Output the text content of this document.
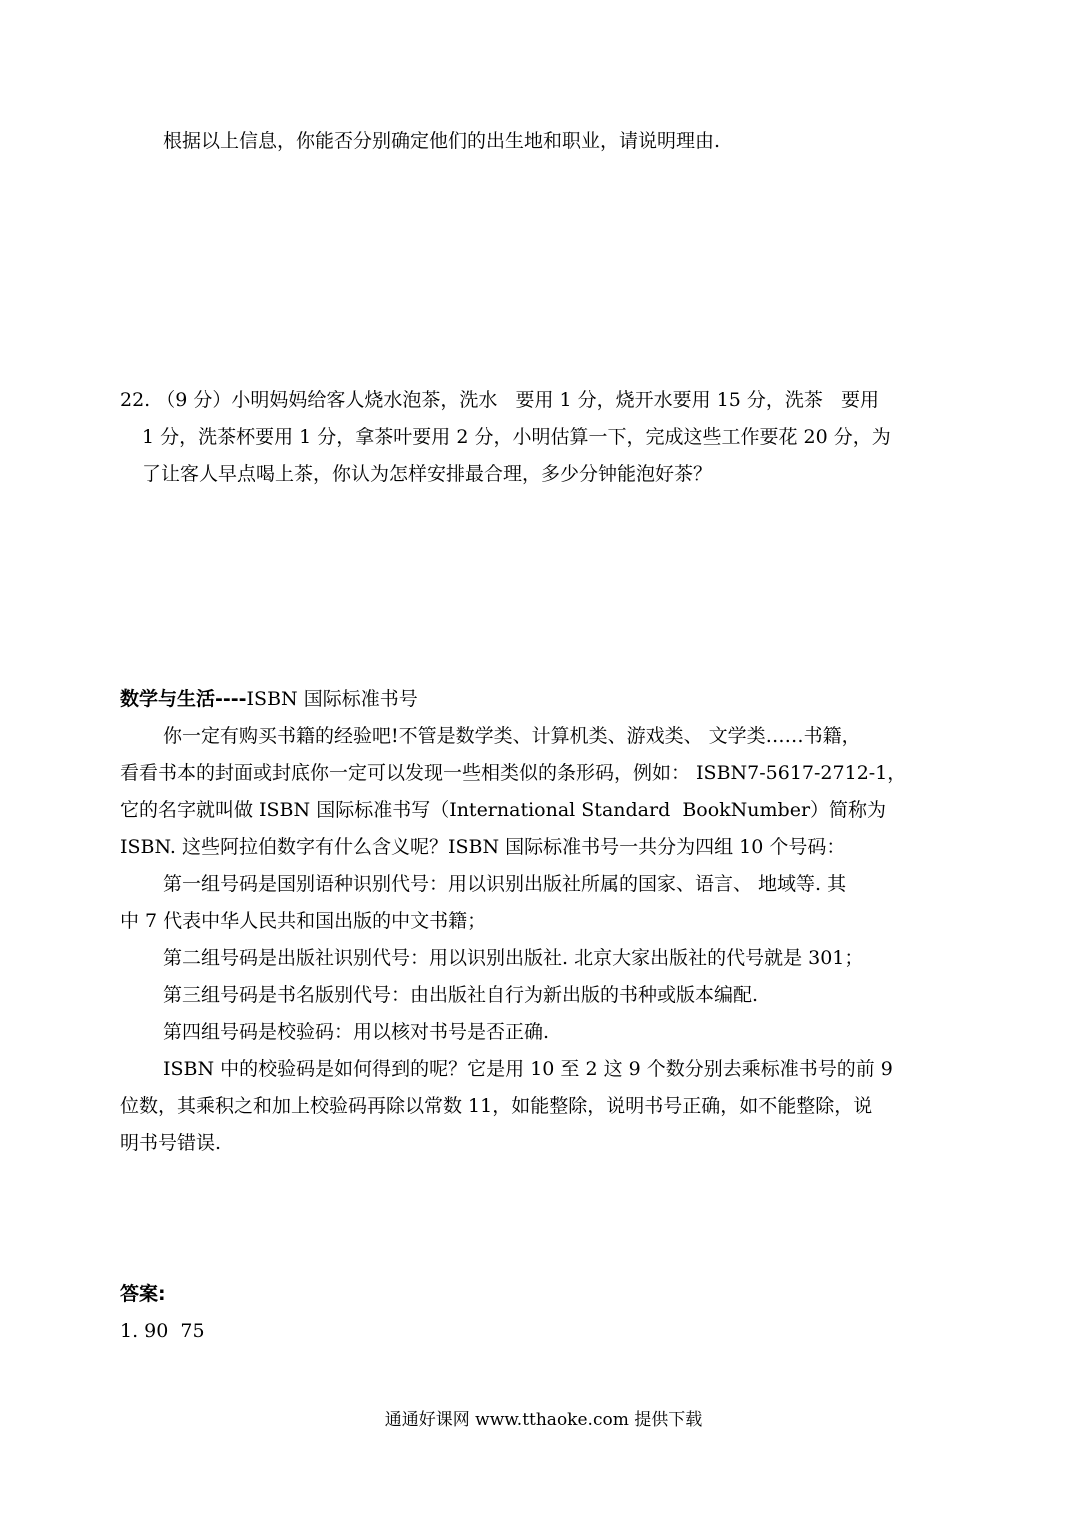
根据以上信息，你能否分别确定他们的出生地和职业，请说明理由.
22. （9 分）小明妈妈给客人烧水泡茶，洗水   要用 1 分，烧开水要用 15 分，洗茶   要用
1 分，洗茶杯要用 1 分，拿茶叶要用 2 分，小明估算一下，完成这些工作要花 20 分，为
了让客人早点喝上茶，你认为怎样安排最合理，多少分钟能泡好茶？
数学与生活----ISBN 国际标准书号
你一定有购买书籍的经验吧!不管是数学类、计算机类、游戏类、 文学类……书籍，
看看书本的封面或封底你一定可以发现一些相类似的条形码，例如： ISBN7-5617-2712-1，
它的名字就叫做 ISBN 国际标准书写（International Standard  BookNumber）简称为
ISBN. 这些阿拉伯数字有什么含义呢？ISBN 国际标准书号一共分为四组 10 个号码：
第一组号码是国别语种识别代号：用以识别出版社所属的国家、语言、 地域等. 其
中 7 代表中华人民共和国出版的中文书籍；
第二组号码是出版社识别代号：用以识别出版社. 北京大家出版社的代号就是 301；
第三组号码是书名版别代号：由出版社自行为新出版的书种或版本编配.
第四组号码是校验码：用以核对书号是否正确.
ISBN 中的校验码是如何得到的呢？它是用 10 至 2 这 9 个数分别去乘标准书号的前 9
位数，其乘积之和加上校验码再除以常数 11，如能整除，说明书号正确，如不能整除，说
明书号错误.
答案:
1. 90  75
通通好课网 www.tthaoke.com 提供下载
